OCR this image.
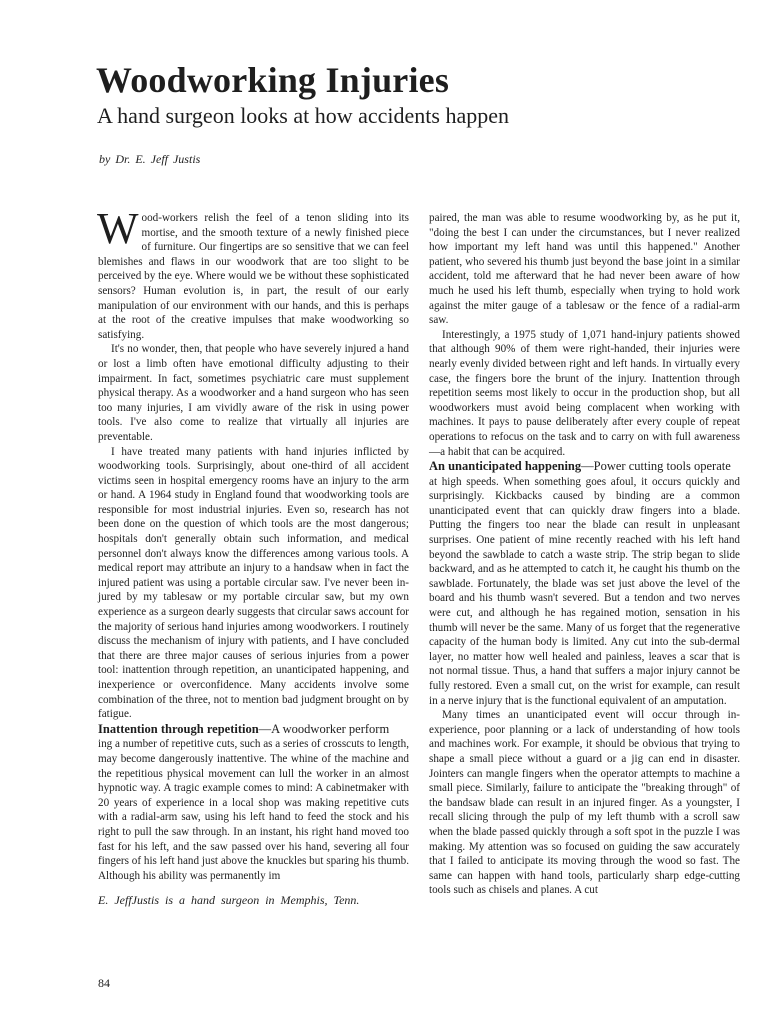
Woodworking Injuries
A hand surgeon looks at how accidents happen
by Dr. E. Jeff Justis

Wood-workers relish the feel of a tenon sliding into its mortise, and the smooth texture of a newly finished piece of furniture. Our fingertips are so sensitive that we can feel blemishes and flaws in our woodwork that are too slight to be perceived by the eye. Where would we be without these sophisticated sensors? Human evolution is, in part, the result of our early manipulation of our environment with our hands, and this is perhaps at the root of the creative impulses that make woodworking so satisfying.

It's no wonder, then, that people who have severely injured a hand or lost a limb often have emotional difficulty adjusting to their impairment. In fact, sometimes psychiatric care must supplement physical therapy. As a woodworker and a hand surgeon who has seen too many injuries, I am vividly aware of the risk in using power tools. I've also come to realize that virtually all injuries are preventable.

I have treated many patients with hand injuries inflicted by woodworking tools. Surprisingly, about one-third of all accident victims seen in hospital emergency rooms have an injury to the arm or hand. A 1964 study in England found that woodworking tools are responsible for most industrial injuries. Even so, research has not been done on the question of which tools are the most dangerous; hospitals don't generally obtain such information, and medical personnel don't always know the differences among various tools. A medical report may attribute an injury to a handsaw when in fact the injured patient was using a portable circular saw. I've never been injured by my tablesaw or my portable circular saw, but my own experience as a surgeon dearly suggests that circular saws account for the majority of serious hand injuries among woodworkers. I routinely discuss the mechanism of injury with patients, and I have concluded that there are three major causes of serious injuries from a power tool: inattention through repetition, an unanticipated happening, and inexperience or overconfidence. Many accidents involve some combination of the three, not to mention bad judgment brought on by fatigue.

Inattention through repetition—A woodworker perform

ing a number of repetitive cuts, such as a series of crosscuts to length, may become dangerously inattentive. The whine of the machine and the repetitious physical movement can lull the worker in an almost hypnotic way. A tragic example comes to mind: A cabinetmaker with 20 years of experience in a local shop was making repetitive cuts with a radial-arm saw, using his left hand to feed the stock and his right to pull the saw through. In an instant, his right hand moved too fast for his left, and the saw passed over his hand, severing all four fingers of his left hand just above the knuckles but sparing his thumb. Although his ability was permanently im

E. JeffJustis is a hand surgeon in Memphis, Tenn.

paired, the man was able to resume woodworking by, as he put it, "doing the best I can under the circumstances, but I never realized how important my left hand was until this happened." Another patient, who severed his thumb just beyond the base joint in a similar accident, told me afterward that he had never been aware of how much he used his left thumb, especially when trying to hold work against the miter gauge of a tablesaw or the fence of a radial-arm saw.

Interestingly, a 1975 study of 1,071 hand-injury patients showed that although 90% of them were right-handed, their injuries were nearly evenly divided between right and left hands. In virtually every case, the fingers bore the brunt of the injury. Inattention through repetition seems most likely to occur in the production shop, but all woodworkers must avoid being complacent when working with machines. It pays to pause deliberately after every couple of repeat operations to refocus on the task and to carry on with full awareness—a habit that can be acquired.

An unanticipated happening—Power cutting tools operate

at high speeds. When something goes afoul, it occurs quickly and surprisingly. Kickbacks caused by binding are a common unanticipated event that can quickly draw fingers into a blade. Putting the fingers too near the blade can result in unpleasant surprises. One patient of mine recently reached with his left hand beyond the sawblade to catch a waste strip. The strip began to slide backward, and as he attempted to catch it, he caught his thumb on the sawblade. Fortunately, the blade was set just above the level of the board and his thumb wasn't severed. But a tendon and two nerves were cut, and although he has regained motion, sensation in his thumb will never be the same. Many of us forget that the regenerative capacity of the human body is limited. Any cut into the sub-dermal layer, no matter how well healed and painless, leaves a scar that is not normal tissue. Thus, a hand that suffers a major injury cannot be fully restored. Even a small cut, on the wrist for example, can result in a nerve injury that is the functional equivalent of an amputation.

Many times an unanticipated event will occur through inexperience, poor planning or a lack of understanding of how tools and machines work. For example, it should be obvious that trying to shape a small piece without a guard or a jig can end in disaster. Jointers can mangle fingers when the operator attempts to machine a small piece. Similarly, failure to anticipate the "breaking through" of the bandsaw blade can result in an injured finger. As a youngster, I recall slicing through the pulp of my left thumb with a scroll saw when the blade passed quickly through a soft spot in the puzzle I was making. My attention was so focused on guiding the saw accurately that I failed to anticipate its moving through the wood so fast. The same can happen with hand tools, particularly sharp edge-cutting tools such as chisels and planes. A cut

84
